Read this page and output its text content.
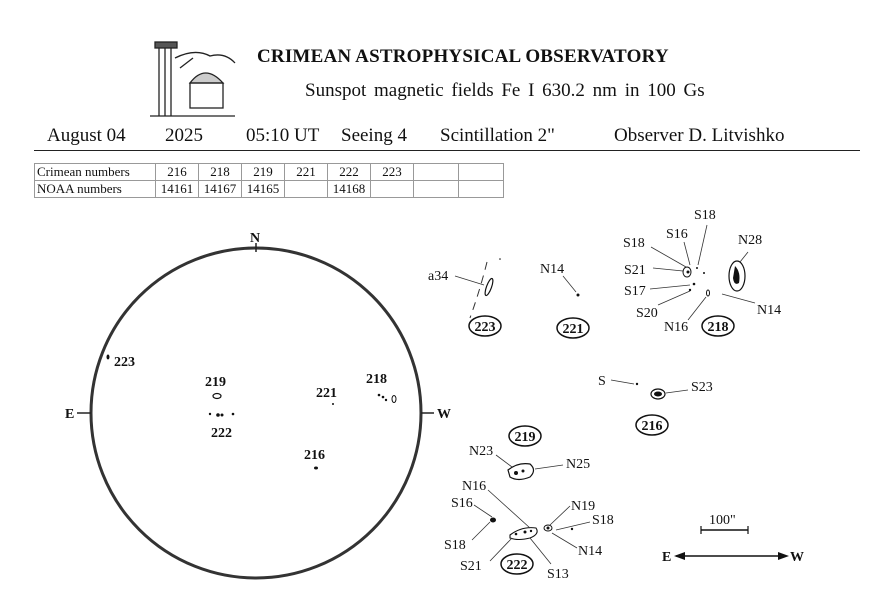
CRIMEAN ASTROPHYSICAL OBSERVATORY
Sunspot magnetic fields Fe I 630.2 nm in 100 Gs
August 04 2025 05:10 UT Seeing 4 Scintillation 2"	Observer D. Litvishko
Crimean numbers	216	218	219	221	222	223		
NOAA numbers	14161	14167	14165		14168			
N
E	W
223
219
222
221
218
216
a34
223
N14
221
S18
S16
S18	N28
S21
S17
S20
N16
N14
218
S	S23
216
219
N23
N25
N16
S16	N19
S18
S18	N14
S21
S13
222
100"
E	W
